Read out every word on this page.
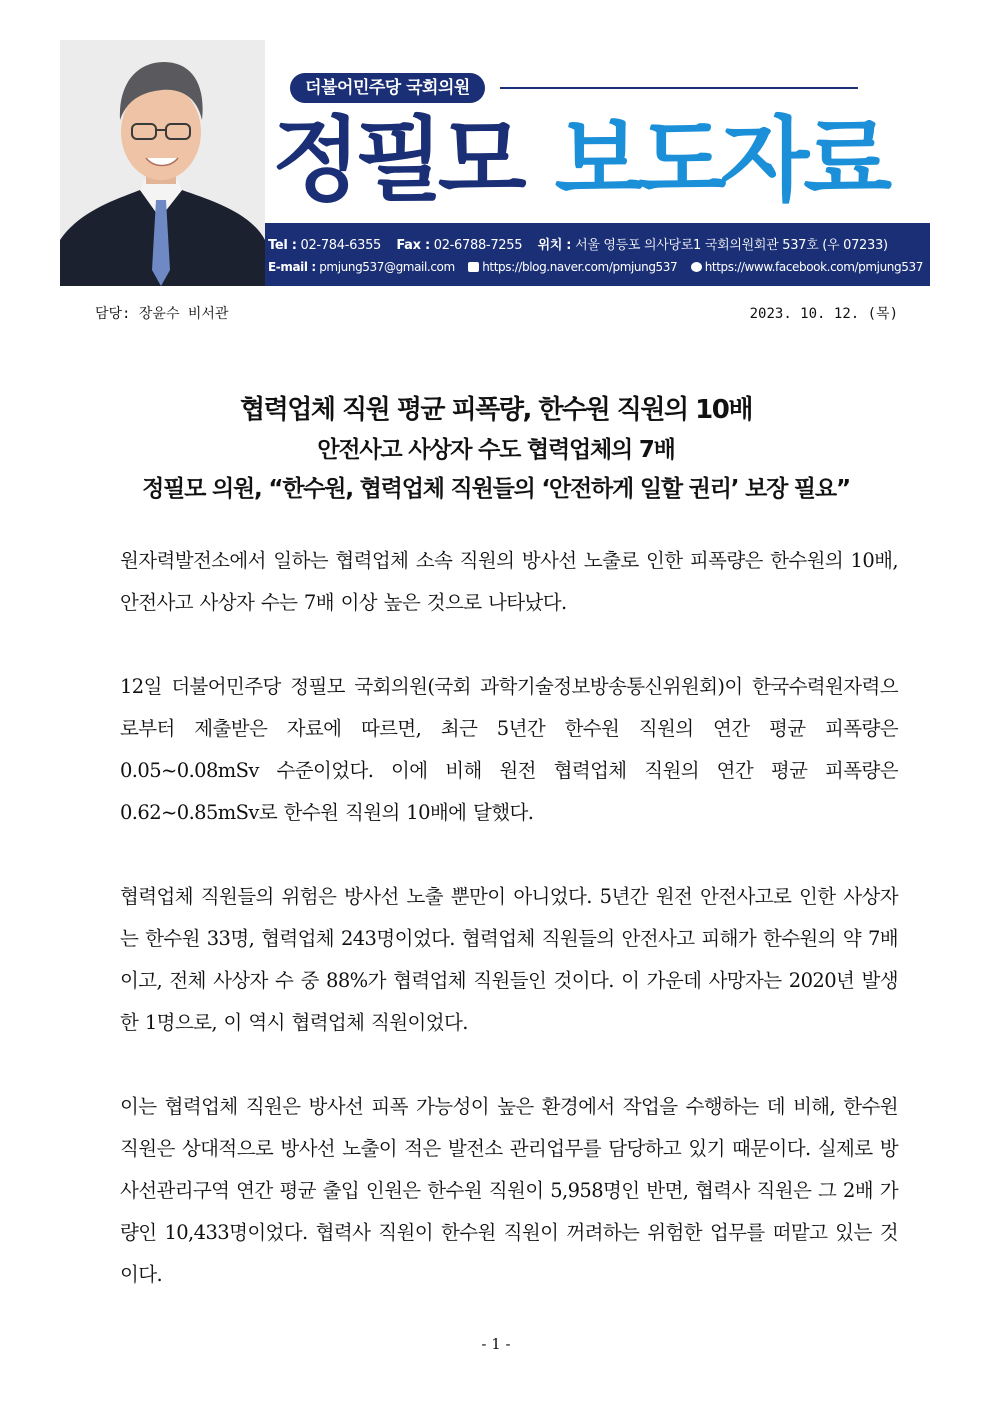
더불어민주당 국회의원
정필모 보도자료
Tel : 02-784-6355 Fax : 02-6788-7255 위치 : 서울 영등포 의사당로1 국회의원회관 537호 (우 07233)
E-mail : pmjung537@gmail.com https://blog.naver.com/pmjung537 https://www.facebook.com/pmjung537
담당: 장윤수 비서관	2023. 10. 12. (목)
협력업체 직원 평균 피폭량, 한수원 직원의 10배
안전사고 사상자 수도 협력업체의 7배
정필모 의원, “한수원, 협력업체 직원들의 ‘안전하게 일할 권리’ 보장 필요”
원자력발전소에서 일하는 협력업체 소속 직원의 방사선 노출로 인한 피폭량은 한수원의 10배, 안전사고 사상자 수는 7배 이상 높은 것으로 나타났다.
12일 더불어민주당 정필모 국회의원(국회 과학기술정보방송통신위원회)이 한국수력원자력으로부터 제출받은 자료에 따르면, 최근 5년간 한수원 직원의 연간 평균 피폭량은 0.05~0.08mSv 수준이었다. 이에 비해 원전 협력업체 직원의 연간 평균 피폭량은 0.62~0.85mSv로 한수원 직원의 10배에 달했다.
협력업체 직원들의 위험은 방사선 노출 뿐만이 아니었다. 5년간 원전 안전사고로 인한 사상자는 한수원 33명, 협력업체 243명이었다. 협력업체 직원들의 안전사고 피해가 한수원의 약 7배이고, 전체 사상자 수 중 88%가 협력업체 직원들인 것이다. 이 가운데 사망자는 2020년 발생한 1명으로, 이 역시 협력업체 직원이었다.
이는 협력업체 직원은 방사선 피폭 가능성이 높은 환경에서 작업을 수행하는 데 비해, 한수원 직원은 상대적으로 방사선 노출이 적은 발전소 관리업무를 담당하고 있기 때문이다. 실제로 방사선관리구역 연간 평균 출입 인원은 한수원 직원이 5,958명인 반면, 협력사 직원은 그 2배 가량인 10,433명이었다. 협력사 직원이 한수원 직원이 꺼려하는 위험한 업무를 떠맡고 있는 것이다.
- 1 -
